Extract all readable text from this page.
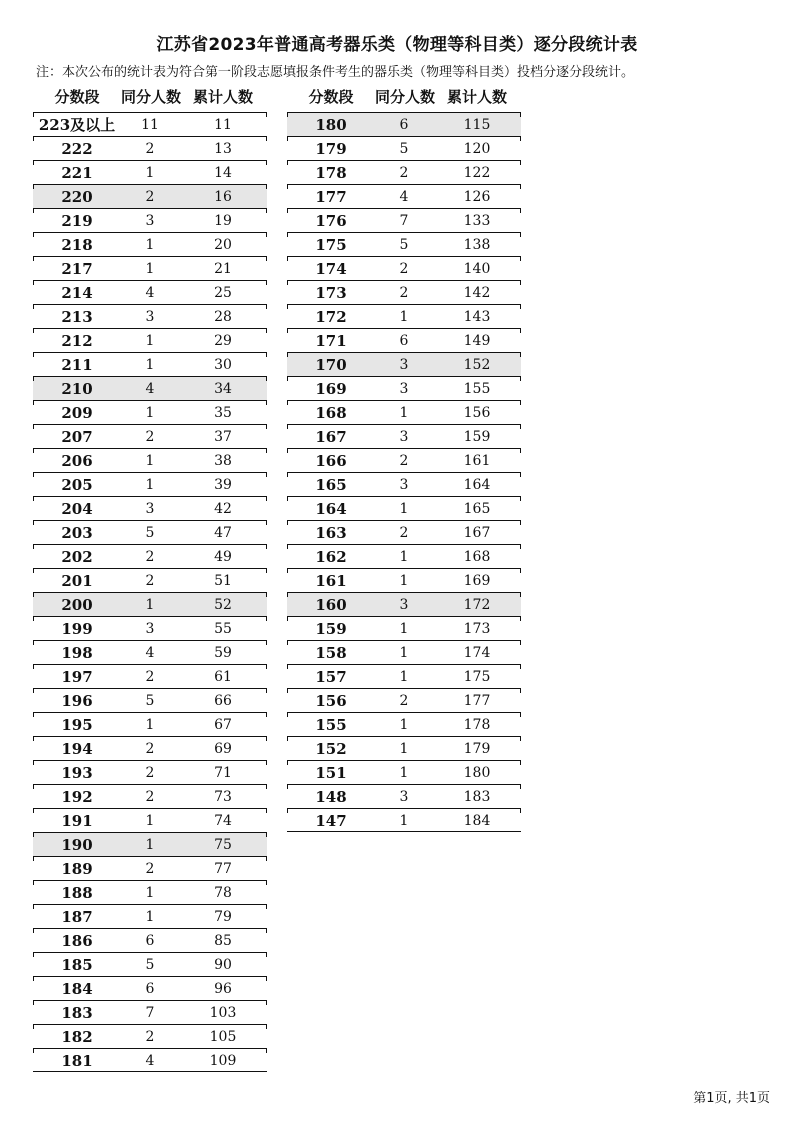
江苏省2023年普通高考器乐类（物理等科目类）逐分段统计表
注：本次公布的统计表为符合第一阶段志愿填报条件考生的器乐类（物理等科目类）投档分逐分段统计。
分数段	同分人数 累计人数	分数段	同分人数 累计人数
223及以上	11	11
222	2	13
221	1	14
220	2	16
219	3	19
218	1	20
217	1	21
214	4	25
213	3	28
212	1	29
211	1	30
210	4	34
209	1	35
207	2	37
206	1	38
205	1	39
204	3	42
203	5	47
202	2	49
201	2	51
200	1	52
199	3	55
198	4	59
197	2	61
196	5	66
195	1	67
194	2	69
193	2	71
192	2	73
191	1	74
190	1	75
189	2	77
188	1	78
187	1	79
186	6	85
185	5	90
184	6	96
183	7	103
182	2	105
181	4	109
180	6	115
179	5	120
178	2	122
177	4	126
176	7	133
175	5	138
174	2	140
173	2	142
172	1	143
171	6	149
170	3	152
169	3	155
168	1	156
167	3	159
166	2	161
165	3	164
164	1	165
163	2	167
162	1	168
161	1	169
160	3	172
159	1	173
158	1	174
157	1	175
156	2	177
155	1	178
152	1	179
151	1	180
148	3	183
147	1	184
第1页, 共1页
